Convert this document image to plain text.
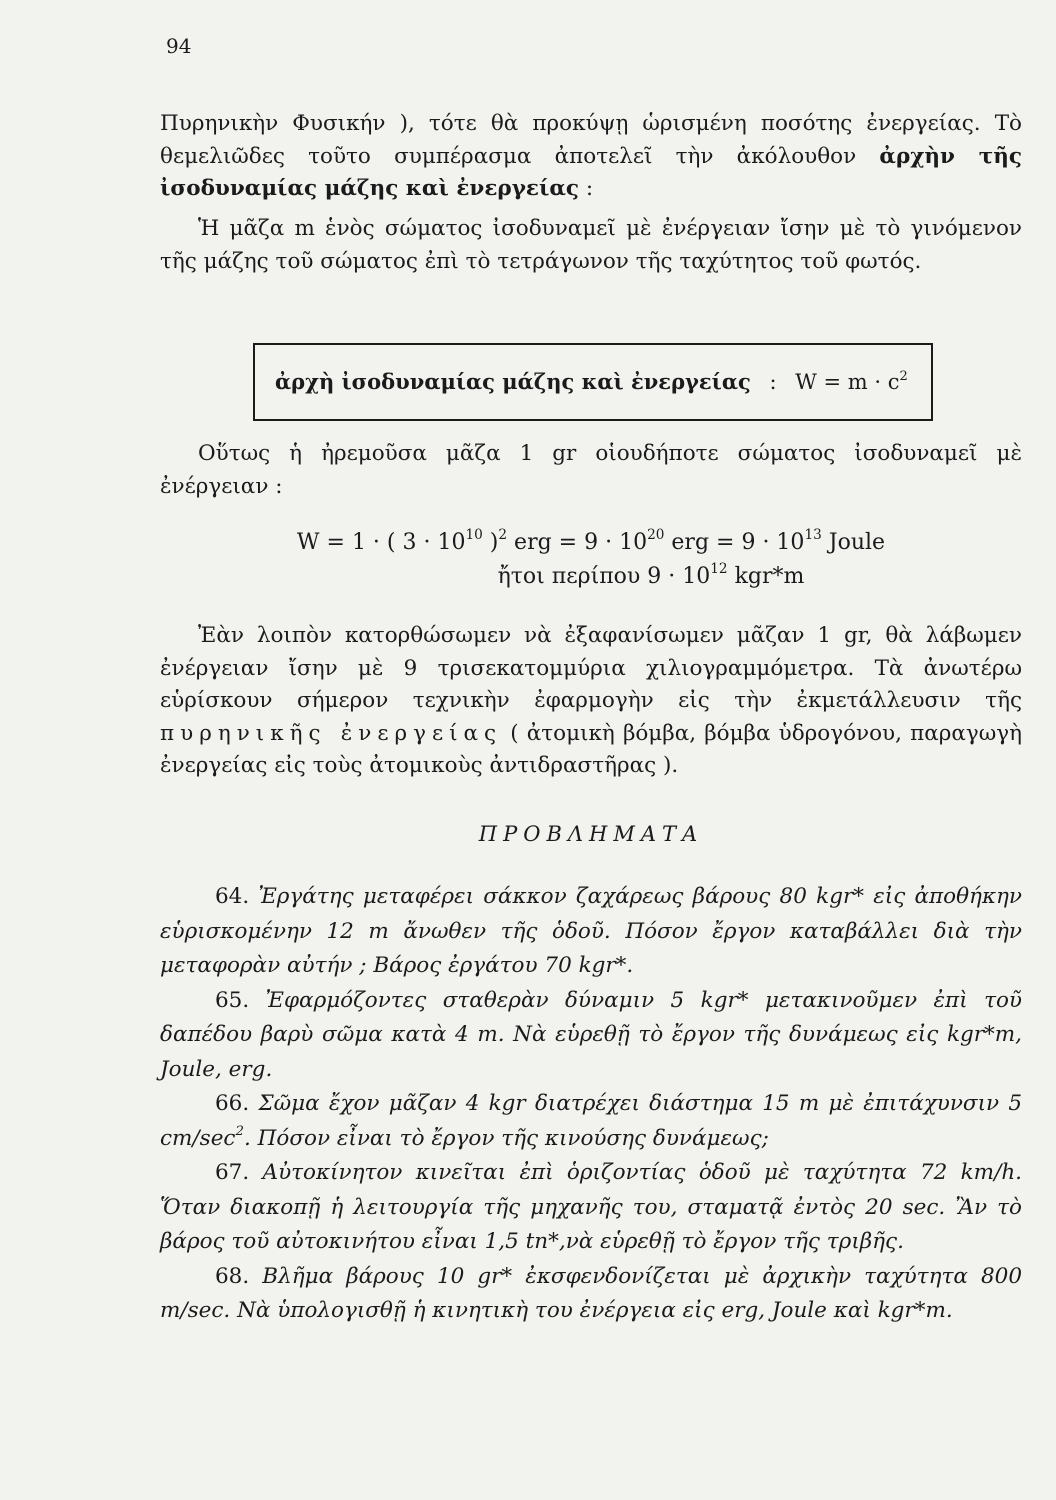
94

Πυρηνικὴν Φυσικήν ), τότε θὰ προκύψῃ ὡρισμένη ποσότης ἐνεργείας. Τὸ θεμελιῶδες τοῦτο συμπέρασμα ἀποτελεῖ τὴν ἀκόλουθον ἀρχὴν τῆς ἰσοδυναμίας μάζης καὶ ἐνεργείας :

Ἡ μᾶζα m ἑνὸς σώματος ἰσοδυναμεῖ μὲ ἐνέργειαν ἴσην μὲ τὸ γινόμενον τῆς μάζης τοῦ σώματος ἐπὶ τὸ τετράγωνον τῆς ταχύτητος τοῦ φωτός.

ἀρχὴ ἰσοδυναμίας μάζης καὶ ἐνεργείας : $W = m \cdot c^2$

Οὕτως ἡ ἠρεμοῦσα μᾶζα 1 gr οἱουδήποτε σώματος ἰσοδυναμεῖ μὲ ἐνέργειαν :

W = 1 · ( $3 \cdot 10^{10}$ )$^2$ erg = $9 \cdot 10^{20}$ erg = $9 \cdot 10^{13}$ Joule
ἤτοι περίπου $9 \cdot 10^{12}$ kgr*m

Ἐὰν λοιπὸν κατορθώσωμεν νὰ ἐξαφανίσωμεν μᾶζαν 1 gr, θὰ λάβωμεν ἐνέργειαν ἴσην μὲ 9 τρισεκατομμύρια χιλιογραμμόμετρα. Τὰ ἀνωτέρω εὑρίσκουν σήμερον τεχνικὴν ἐφαρμογὴν εἰς τὴν ἐκμετάλλευσιν τῆς πυρηνικῆς ἐνεργείας ( ἀτομικὴ βόμβα, βόμβα ὑδρογόνου, παραγωγὴ ἐνεργείας εἰς τοὺς ἀτομικοὺς ἀντιδραστῆρας ).

ΠΡΟΒΛΗΜΑΤΑ

64. Ἐργάτης μεταφέρει σάκκον ζαχάρεως βάρους 80 kgr* εἰς ἀποθήκην εὑρισκομένην 12 m ἄνωθεν τῆς ὁδοῦ. Πόσον ἔργον καταβάλλει διὰ τὴν μεταφορὰν αὐτήν ; Βάρος ἐργάτου 70 kgr*.

65. Ἐφαρμόζοντες σταθερὰν δύναμιν 5 kgr* μετακινοῦμεν ἐπὶ τοῦ δαπέδου βαρὺ σῶμα κατὰ 4 m. Νὰ εὑρεθῇ τὸ ἔργον τῆς δυνάμεως εἰς kgr*m, Joule, erg.

66. Σῶμα ἔχον μᾶζαν 4 kgr διατρέχει διάστημα 15 m μὲ ἐπιτάχυνσιν 5 $cm/\sec^2$. Πόσον εἶναι τὸ ἔργον τῆς κινούσης δυνάμεως;

67. Αὐτοκίνητον κινεῖται ἐπὶ ὁριζοντίας ὁδοῦ μὲ ταχύτητα 72 km/h. Ὅταν διακοπῇ ἡ λειτουργία τῆς μηχανῆς του, σταματᾷ ἐντὸς 20 sec. Ἂν τὸ βάρος τοῦ αὐτοκινήτου εἶναι 1,5 tn*,νὰ εὑρεθῇ τὸ ἔργον τῆς τριβῆς.

68. Βλῆμα βάρους 10 gr* ἐκσφενδονίζεται μὲ ἀρχικὴν ταχύτητα 800 m/sec. Νὰ ὑπολογισθῇ ἡ κινητικὴ του ἐνέργεια εἰς erg, Joule καὶ kgr*m.
